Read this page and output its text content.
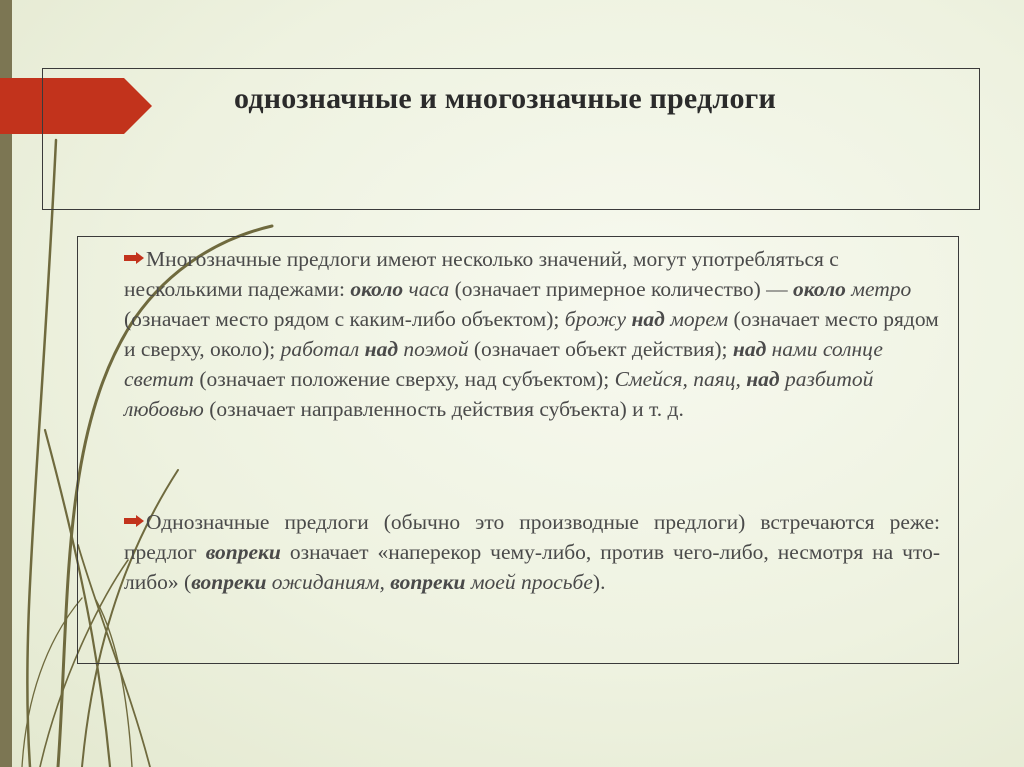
однозначные и многозначные предлоги

Многозначные предлоги имеют несколько значений, могут употребляться с несколькими падежами: около часа (означает примерное количество) — около метро (означает место рядом с каким-либо объектом); брожу над морем (означает место рядом и сверху, около); работал над поэмой (означает объект действия); над нами солнце светит (означает положение сверху, над субъектом); Смейся, паяц, над разбитой любовью (означает направленность действия субъекта) и т. д.

Однозначные предлоги (обычно это производные предлоги) встречаются реже: предлог вопреки означает «наперекор чему-либо, против чего-либо, несмотря на что-либо» (вопреки ожиданиям, вопреки моей просьбе).
